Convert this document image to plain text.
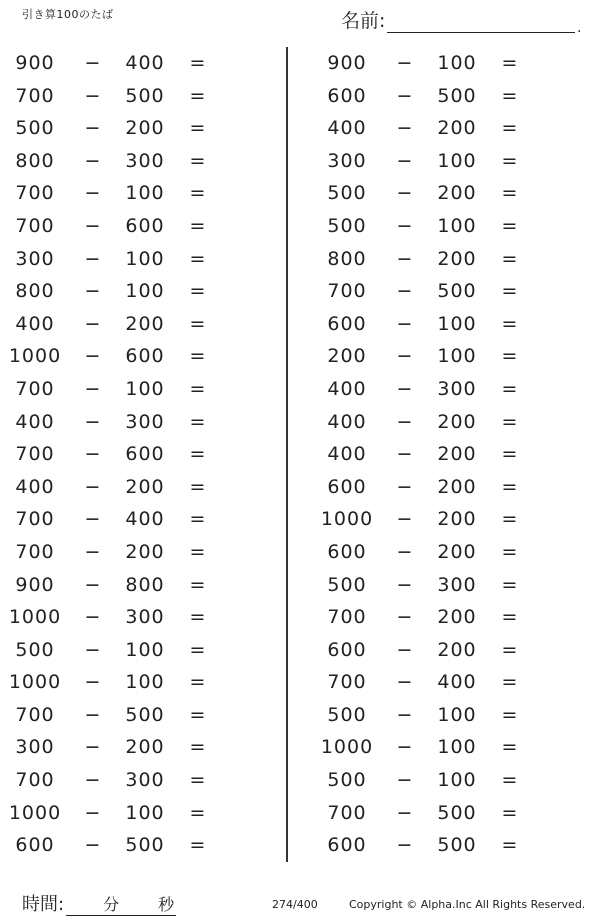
引き算100のたば	名前:	.
900	−	400	=
700	−	500	=
500	−	200	=
800	−	300	=
700	−	100	=
700	−	600	=
300	−	100	=
800	−	100	=
400	−	200	=
1000	−	600	=
700	−	100	=
400	−	300	=
700	−	600	=
400	−	200	=
700	−	400	=
700	−	200	=
900	−	800	=
1000	−	300	=
500	−	100	=
1000	−	100	=
700	−	500	=
300	−	200	=
700	−	300	=
1000	−	100	=
600	−	500	=
900	−	100	=
600	−	500	=
400	−	200	=
300	−	100	=
500	−	200	=
500	−	100	=
800	−	200	=
700	−	500	=
600	−	100	=
200	−	100	=
400	−	300	=
400	−	200	=
400	−	200	=
600	−	200	=
1000	−	200	=
600	−	200	=
500	−	300	=
700	−	200	=
600	−	200	=
700	−	400	=
500	−	100	=
1000	−	100	=
500	−	100	=
700	−	500	=
600	−	500	=
時間: 分 秒	274/400	Copyright © Alpha.Inc All Rights Reserved.
